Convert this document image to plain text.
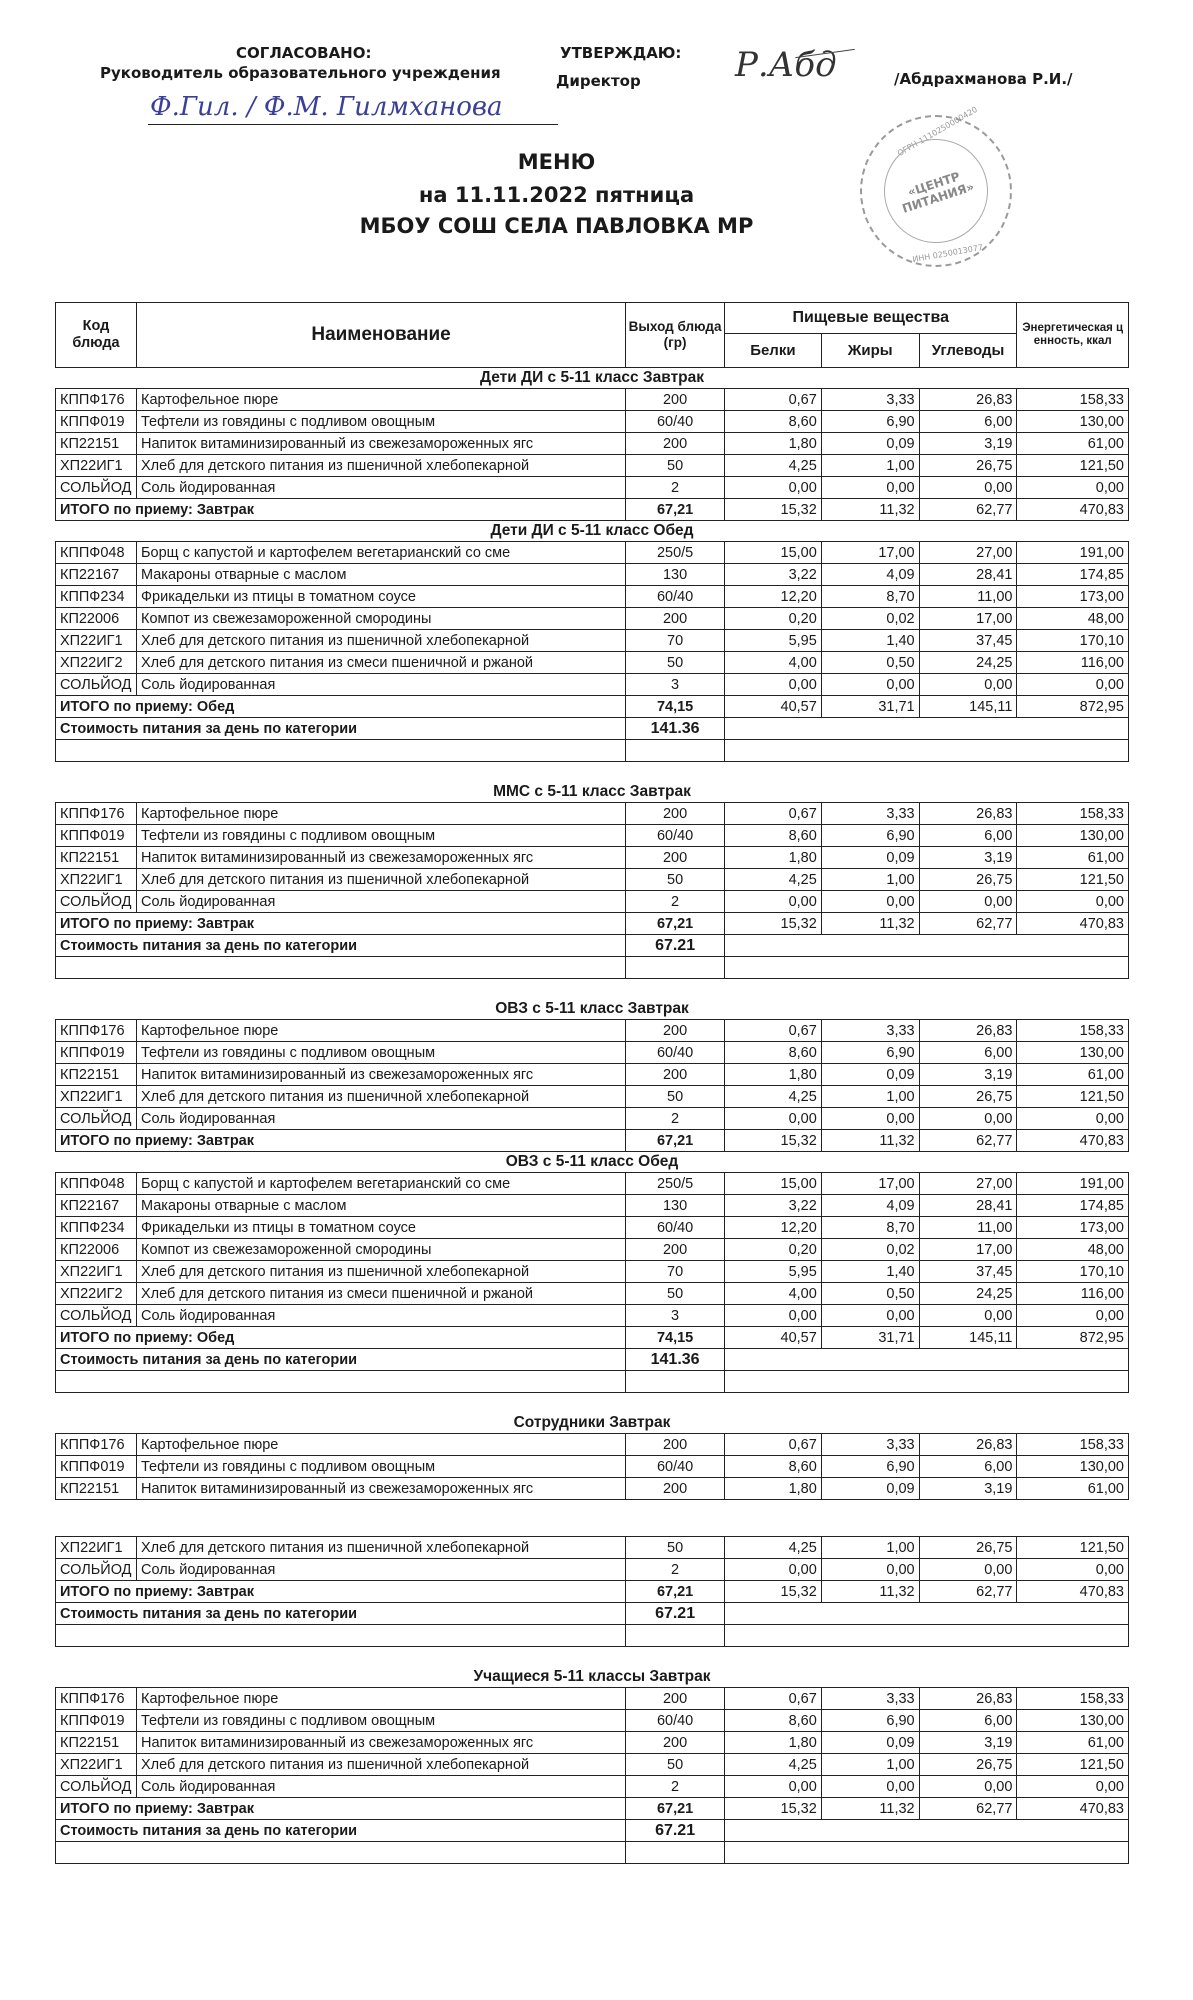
СОГЛАСОВАНО:
Руководитель образовательного учреждения
Ф.Гил. / Ф.М. Гилмханова
УТВЕРЖДАЮ:
Директор	Р.Абд	/Абдрахманова Р.И./
ОГРН 1110250000420
«ЦЕНТР ПИТАНИЯ»
ИНН 0250013077
МЕНЮ
на 11.11.2022 пятница
МБОУ СОШ СЕЛА ПАВЛОВКА МР
Код блюда	Наименование	Выход блюда (гр)	Пищевые вещества			Энергетическая ценность, ккал
			Белки	Жиры	Углеводы	
Дети ДИ с 5-11 класс Завтрак
КППФ176	Картофельное пюре	200	0,67	3,33	26,83	158,33
КППФ019	Тефтели из говядины с подливом овощным	60/40	8,60	6,90	6,00	130,00
КП22151	Напиток витаминизированный из свежезамороженных ягс	200	1,80	0,09	3,19	61,00
ХП22ИГ1	Хлеб для детского питания из пшеничной хлебопекарной	50	4,25	1,00	26,75	121,50
СОЛЬЙОД	Соль йодированная	2	0,00	0,00	0,00	0,00
ИТОГО по приему: Завтрак		67,21	15,32	11,32	62,77	470,83
Дети ДИ с 5-11 класс Обед
КППФ048	Борщ с капустой и картофелем вегетарианский со сме	250/5	15,00	17,00	27,00	191,00
КП22167	Макароны отварные с маслом	130	3,22	4,09	28,41	174,85
КППФ234	Фрикадельки из птицы в томатном соусе	60/40	12,20	8,70	11,00	173,00
КП22006	Компот из свежезамороженной смородины	200	0,20	0,02	17,00	48,00
ХП22ИГ1	Хлеб для детского питания из пшеничной хлебопекарной	70	5,95	1,40	37,45	170,10
ХП22ИГ2	Хлеб для детского питания из смеси пшеничной и ржаной	50	4,00	0,50	24,25	116,00
СОЛЬЙОД	Соль йодированная	3	0,00	0,00	0,00	0,00
ИТОГО по приему: Обед		74,15	40,57	31,71	145,11	872,95
Стоимость питания за день по категории		141.36				

ММС с 5-11 класс Завтрак
КППФ176	Картофельное пюре	200	0,67	3,33	26,83	158,33
КППФ019	Тефтели из говядины с подливом овощным	60/40	8,60	6,90	6,00	130,00
КП22151	Напиток витаминизированный из свежезамороженных ягс	200	1,80	0,09	3,19	61,00
ХП22ИГ1	Хлеб для детского питания из пшеничной хлебопекарной	50	4,25	1,00	26,75	121,50
СОЛЬЙОД	Соль йодированная	2	0,00	0,00	0,00	0,00
ИТОГО по приему: Завтрак		67,21	15,32	11,32	62,77	470,83
Стоимость питания за день по категории		67.21				

ОВЗ с 5-11 класс Завтрак
КППФ176	Картофельное пюре	200	0,67	3,33	26,83	158,33
КППФ019	Тефтели из говядины с подливом овощным	60/40	8,60	6,90	6,00	130,00
КП22151	Напиток витаминизированный из свежезамороженных ягс	200	1,80	0,09	3,19	61,00
ХП22ИГ1	Хлеб для детского питания из пшеничной хлебопекарной	50	4,25	1,00	26,75	121,50
СОЛЬЙОД	Соль йодированная	2	0,00	0,00	0,00	0,00
ИТОГО по приему: Завтрак		67,21	15,32	11,32	62,77	470,83
ОВЗ с 5-11 класс Обед
КППФ048	Борщ с капустой и картофелем вегетарианский со сме	250/5	15,00	17,00	27,00	191,00
КП22167	Макароны отварные с маслом	130	3,22	4,09	28,41	174,85
КППФ234	Фрикадельки из птицы в томатном соусе	60/40	12,20	8,70	11,00	173,00
КП22006	Компот из свежезамороженной смородины	200	0,20	0,02	17,00	48,00
ХП22ИГ1	Хлеб для детского питания из пшеничной хлебопекарной	70	5,95	1,40	37,45	170,10
ХП22ИГ2	Хлеб для детского питания из смеси пшеничной и ржаной	50	4,00	0,50	24,25	116,00
СОЛЬЙОД	Соль йодированная	3	0,00	0,00	0,00	0,00
ИТОГО по приему: Обед		74,15	40,57	31,71	145,11	872,95
Стоимость питания за день по категории		141.36				

Сотрудники Завтрак
КППФ176	Картофельное пюре	200	0,67	3,33	26,83	158,33
КППФ019	Тефтели из говядины с подливом овощным	60/40	8,60	6,90	6,00	130,00
КП22151	Напиток витаминизированный из свежезамороженных ягс	200	1,80	0,09	3,19	61,00
ХП22ИГ1	Хлеб для детского питания из пшеничной хлебопекарной	50	4,25	1,00	26,75	121,50
СОЛЬЙОД	Соль йодированная	2	0,00	0,00	0,00	0,00
ИТОГО по приему: Завтрак		67,21	15,32	11,32	62,77	470,83
Стоимость питания за день по категории		67.21				

Учащиеся 5-11 классы Завтрак
КППФ176	Картофельное пюре	200	0,67	3,33	26,83	158,33
КППФ019	Тефтели из говядины с подливом овощным	60/40	8,60	6,90	6,00	130,00
КП22151	Напиток витаминизированный из свежезамороженных ягс	200	1,80	0,09	3,19	61,00
ХП22ИГ1	Хлеб для детского питания из пшеничной хлебопекарной	50	4,25	1,00	26,75	121,50
СОЛЬЙОД	Соль йодированная	2	0,00	0,00	0,00	0,00
ИТОГО по приему: Завтрак		67,21	15,32	11,32	62,77	470,83
Стоимость питания за день по категории		67.21				
